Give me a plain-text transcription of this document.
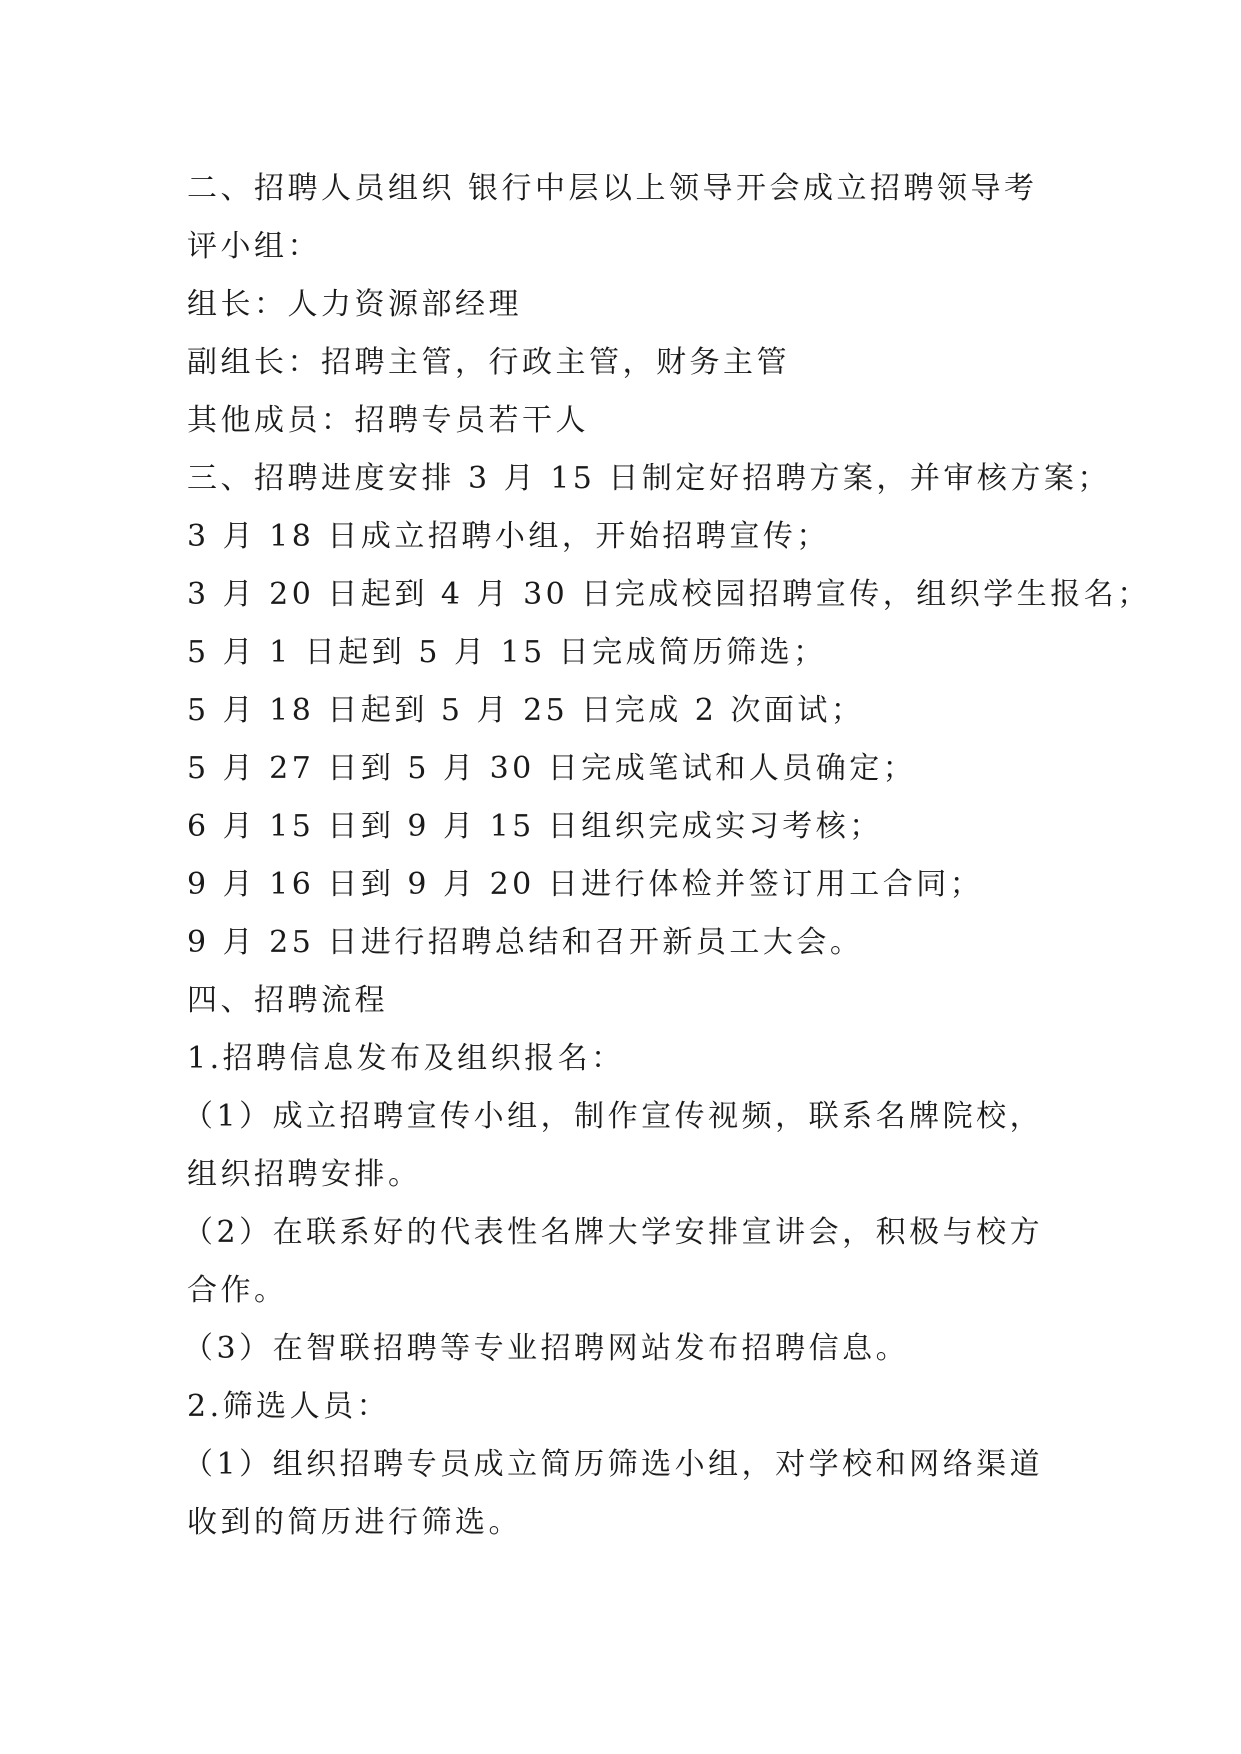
二、招聘人员组织 银行中层以上领导开会成立招聘领导考

评小组：

组长：人力资源部经理

副组长：招聘主管，行政主管，财务主管

其他成员：招聘专员若干人

三、招聘进度安排 3 月 15 日制定好招聘方案，并审核方案；

3 月 18 日成立招聘小组，开始招聘宣传；

3 月 20 日起到 4 月 30 日完成校园招聘宣传，组织学生报名；

5 月 1 日起到 5 月 15 日完成简历筛选；

5 月 18 日起到 5 月 25 日完成 2 次面试；

5 月 27 日到 5 月 30 日完成笔试和人员确定；

6 月 15 日到 9 月 15 日组织完成实习考核；

9 月 16 日到 9 月 20 日进行体检并签订用工合同；

9 月 25 日进行招聘总结和召开新员工大会。

四、招聘流程

1.招聘信息发布及组织报名：

（1）成立招聘宣传小组，制作宣传视频，联系名牌院校，

组织招聘安排。

（2）在联系好的代表性名牌大学安排宣讲会，积极与校方

合作。

（3）在智联招聘等专业招聘网站发布招聘信息。

2.筛选人员：

（1）组织招聘专员成立简历筛选小组，对学校和网络渠道

收到的简历进行筛选。
